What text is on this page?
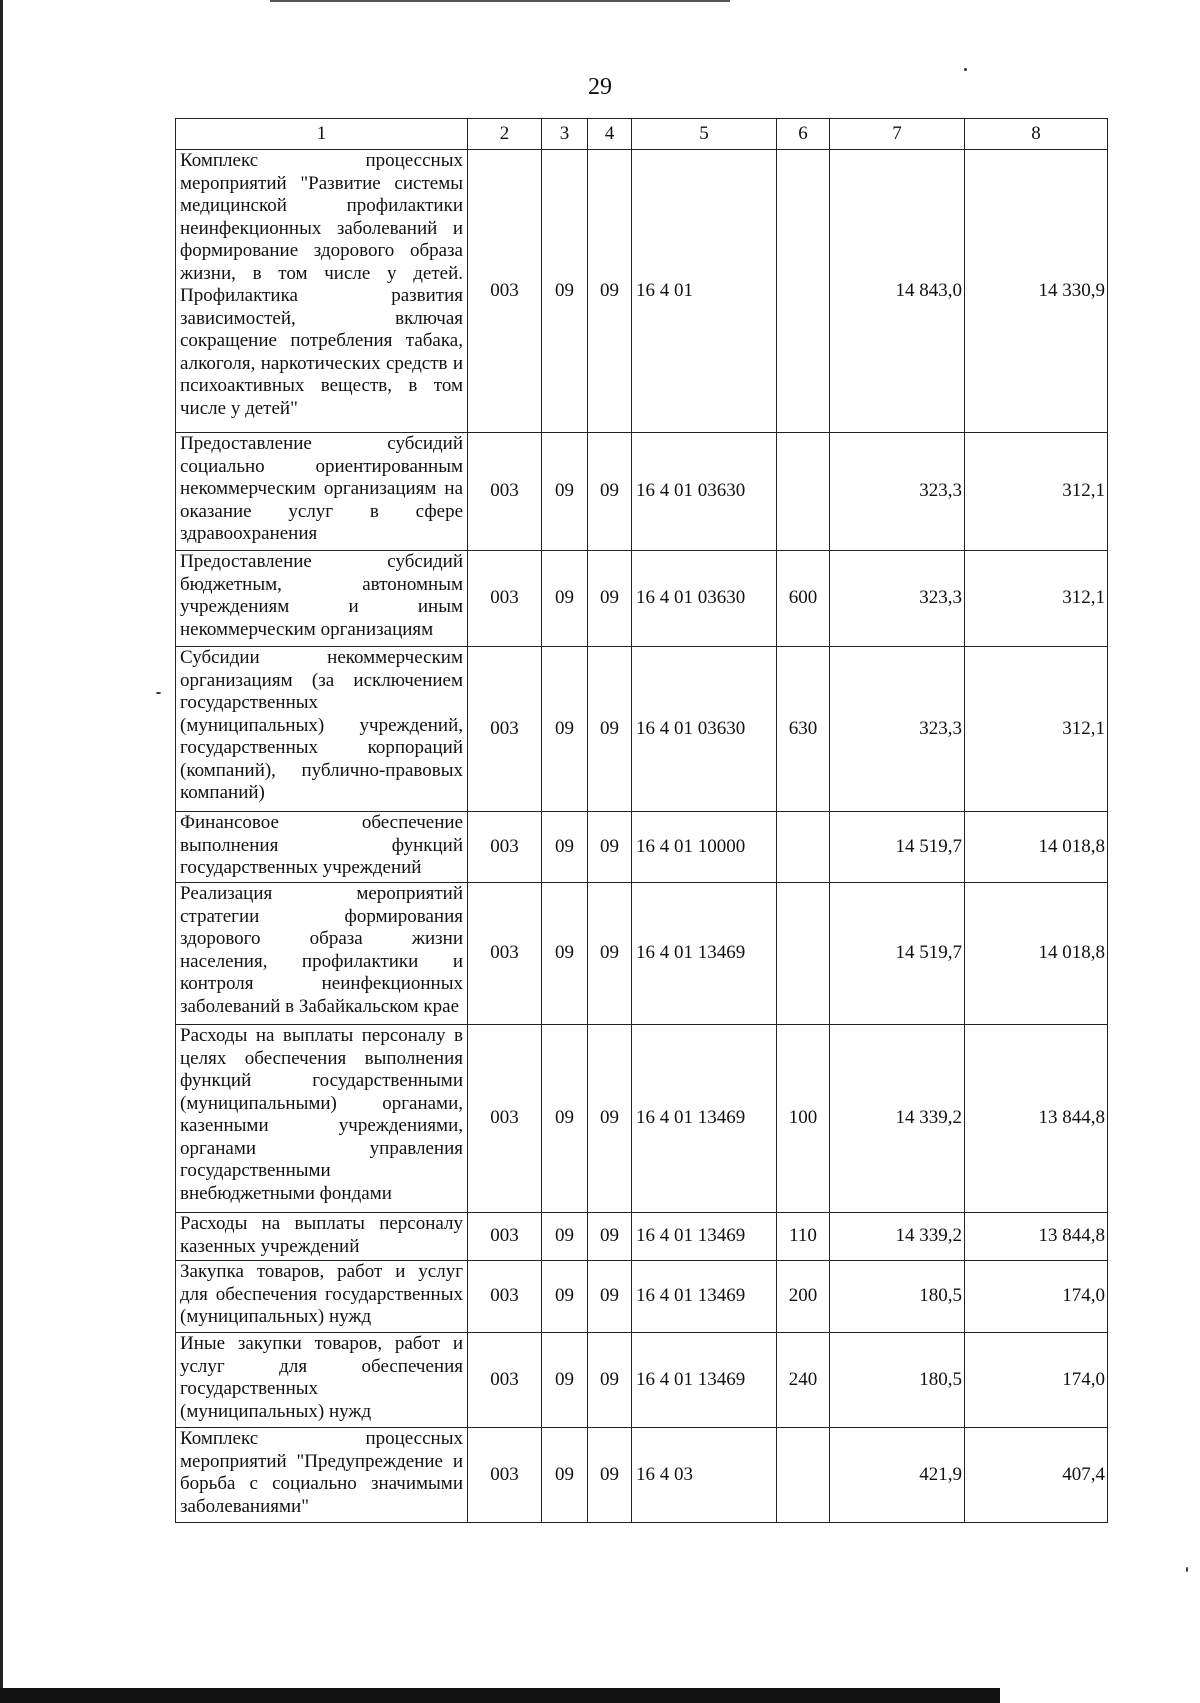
29
1	2	3	4	5	6	7	8
Комплекс процессных мероприятий "Развитие системы медицинской профилактики неинфекционных заболеваний и формирование здорового образа жизни, в том числе у детей. Профилактика развития зависимостей, включая сокращение потребления табака, алкоголя, наркотических средств и психоактивных веществ, в том числе у детей"	003	09	09	16 4 01		14 843,0	14 330,9
Предоставление субсидий социально ориентированным некоммерческим организациям на оказание услуг в сфере здравоохранения	003	09	09	16 4 01 03630		323,3	312,1
Предоставление субсидий бюджетным, автономным учреждениям и иным некоммерческим организациям	003	09	09	16 4 01 03630	600	323,3	312,1
Субсидии некоммерческим организациям (за исключением государственных (муниципальных) учреждений, государственных корпораций (компаний), публично-правовых компаний)	003	09	09	16 4 01 03630	630	323,3	312,1
Финансовое обеспечение выполнения функций государственных учреждений	003	09	09	16 4 01 10000		14 519,7	14 018,8
Реализация мероприятий стратегии формирования здорового образа жизни населения, профилактики и контроля неинфекционных заболеваний в Забайкальском крае	003	09	09	16 4 01 13469		14 519,7	14 018,8
Расходы на выплаты персоналу в целях обеспечения выполнения функций государственными (муниципальными) органами, казенными учреждениями, органами управления государственными внебюджетными фондами	003	09	09	16 4 01 13469	100	14 339,2	13 844,8
Расходы на выплаты персоналу казенных учреждений	003	09	09	16 4 01 13469	110	14 339,2	13 844,8
Закупка товаров, работ и услуг для обеспечения государственных (муниципальных) нужд	003	09	09	16 4 01 13469	200	180,5	174,0
Иные закупки товаров, работ и услуг для обеспечения государственных (муниципальных) нужд	003	09	09	16 4 01 13469	240	180,5	174,0
Комплекс процессных мероприятий "Предупреждение и борьба с социально значимыми заболеваниями"	003	09	09	16 4 03		421,9	407,4
